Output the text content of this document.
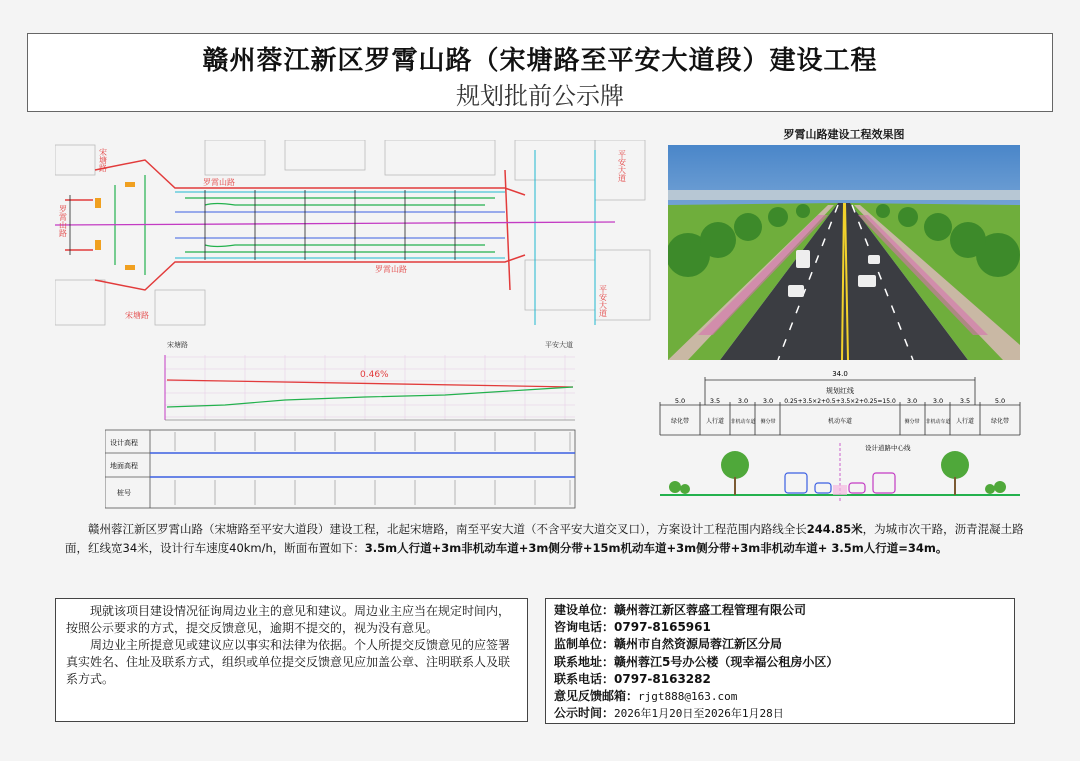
赣州蓉江新区罗霄山路（宋塘路至平安大道段）建设工程
规划批前公示牌
罗霄山路
罗霄山路
罗霄山路
宋塘路	平安大道
平安大道
宋塘路
0.46%
宋塘路	平安大道
设计高程
地面高程
桩号
罗霄山路建设工程效果图
34.0
规划红线
5.0	3.5	3.0 3.0 0.25+3.5×2+0.5+3.5×2+0.25=15.0 3.0 3.0	3.5	5.0
绿化带	人行道 非机动车道 侧分带	机动车道	侧分带 非机动车道 人行道	绿化带
设计道路中心线
赣州蓉江新区罗霄山路（宋塘路至平安大道段）建设工程，北起宋塘路，南至平安大道（不含平安大道交叉口），方案设计工程范围内路线全长244.85米，为城市次干路，沥青混凝土路面，红线宽34米，设计行车速度40km/h，断面布置如下：3.5m人行道+3m非机动车道+3m侧分带+15m机动车道+3m侧分带+3m非机动车道+ 3.5m人行道=34m。

现就该项目建设情况征询周边业主的意见和建议。周边业主应当在规定时间内，按照公示要求的方式，提交反馈意见，逾期不提交的，视为没有意见。

周边业主所提意见或建议应以事实和法律为依据。个人所提交反馈意见的应签署真实姓名、住址及联系方式，组织或单位提交反馈意见应加盖公章、注明联系人及联系方式。

建设单位：赣州蓉江新区蓉盛工程管理有限公司
咨询电话：0797-8165961
监制单位：赣州市自然资源局蓉江新区分局
联系地址：赣州蓉江5号办公楼（现幸福公租房小区）
联系电话：0797-8163282
意见反馈邮箱：rjgt888@163.com
公示时间：2026年1月20日至2026年1月28日
